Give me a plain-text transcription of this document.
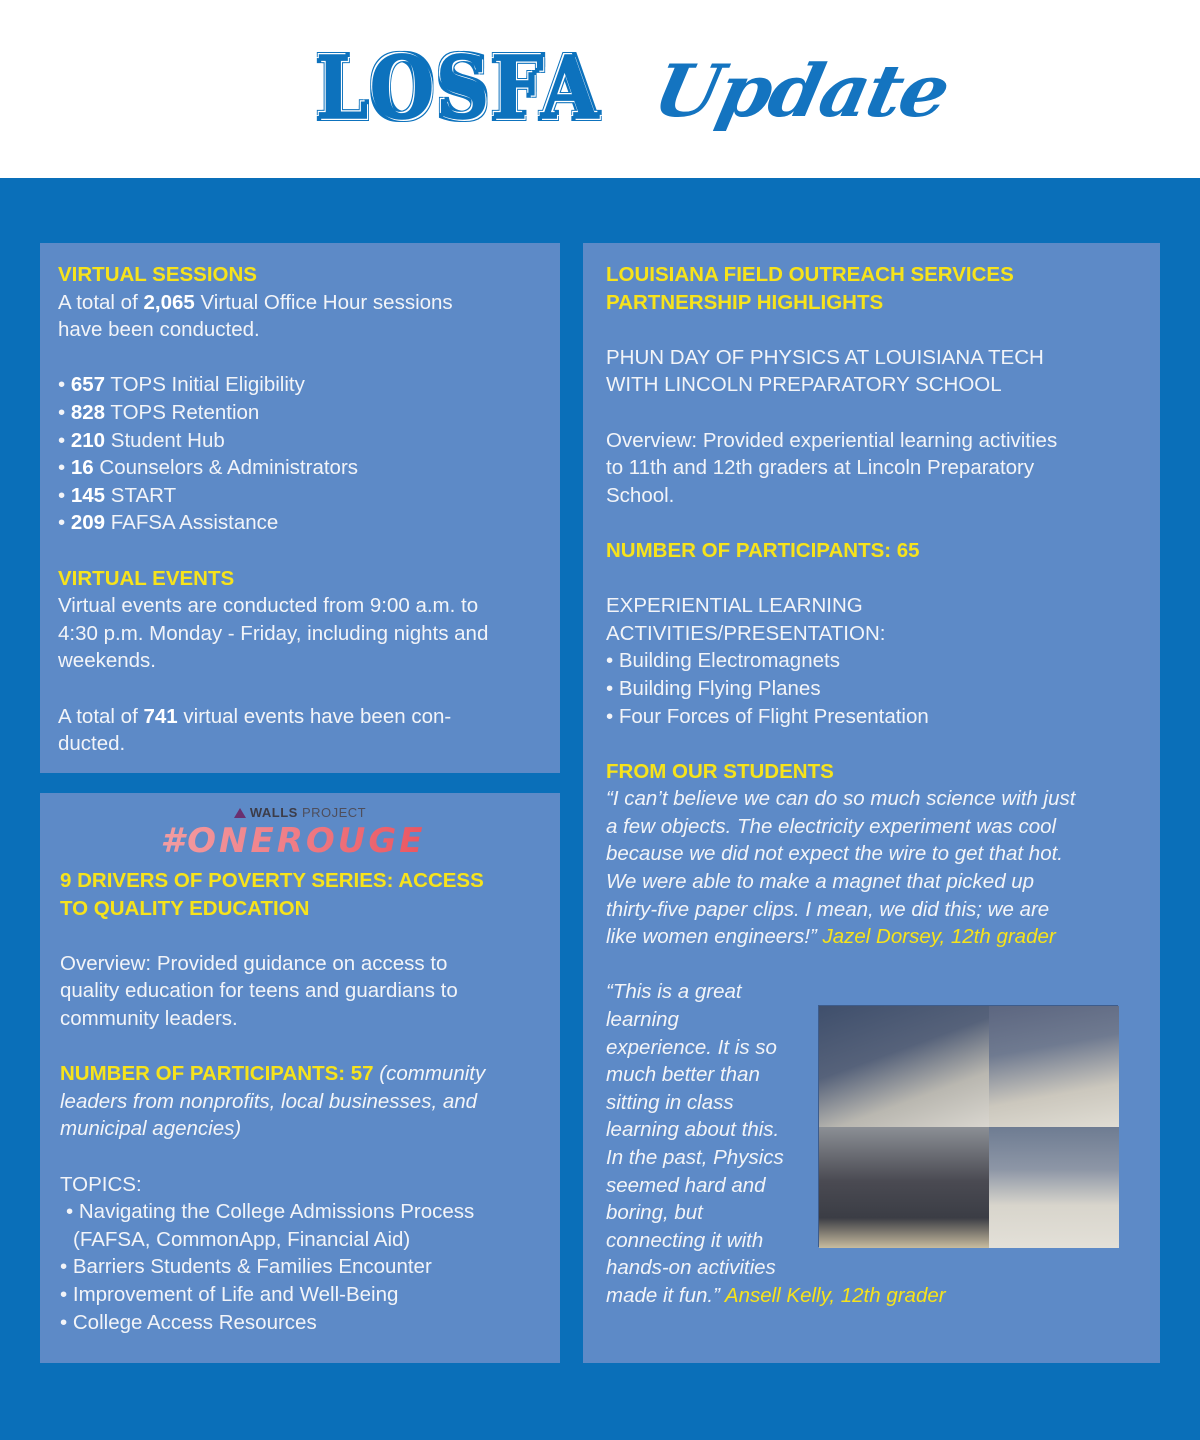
LOSFA Update
VIRTUAL SESSIONS
A total of 2,065 Virtual Office Hour sessions
have been conducted.
• 657 TOPS Initial Eligibility
• 828 TOPS Retention
• 210 Student Hub
• 16 Counselors & Administrators
• 145 START
• 209 FAFSA Assistance
VIRTUAL EVENTS
Virtual events are conducted from 9:00 a.m. to
4:30 p.m. Monday - Friday, including nights and
weekends.
A total of 741 virtual events have been con-
ducted.
WALLS PROJECT
#ONEROUGE
9 DRIVERS OF POVERTY SERIES: ACCESS
TO QUALITY EDUCATION
Overview: Provided guidance on access to
quality education for teens and guardians to
community leaders.
NUMBER OF PARTICIPANTS: 57 (community
leaders from nonprofits, local businesses, and
municipal agencies)
TOPICS:
• Navigating the College Admissions Process
(FAFSA, CommonApp, Financial Aid)
• Barriers Students & Families Encounter
• Improvement of Life and Well-Being
• College Access Resources
LOUISIANA FIELD OUTREACH SERVICES
PARTNERSHIP HIGHLIGHTS
PHUN DAY OF PHYSICS AT LOUISIANA TECH
WITH LINCOLN PREPARATORY SCHOOL
Overview: Provided experiential learning activities
to 11th and 12th graders at Lincoln Preparatory
School.
NUMBER OF PARTICIPANTS: 65
EXPERIENTIAL LEARNING
ACTIVITIES/PRESENTATION:
• Building Electromagnets
• Building Flying Planes
• Four Forces of Flight Presentation
FROM OUR STUDENTS
“I can’t believe we can do so much science with just
a few objects. The electricity experiment was cool
because we did not expect the wire to get that hot.
We were able to make a magnet that picked up
thirty-five paper clips. I mean, we did this; we are
like women engineers!” Jazel Dorsey, 12th grader
“This is a great
learning
experience. It is so
much better than
sitting in class
learning about this.
In the past, Physics
seemed hard and
boring, but
connecting it with
hands-on activities
made it fun.” Ansell Kelly, 12th grader
